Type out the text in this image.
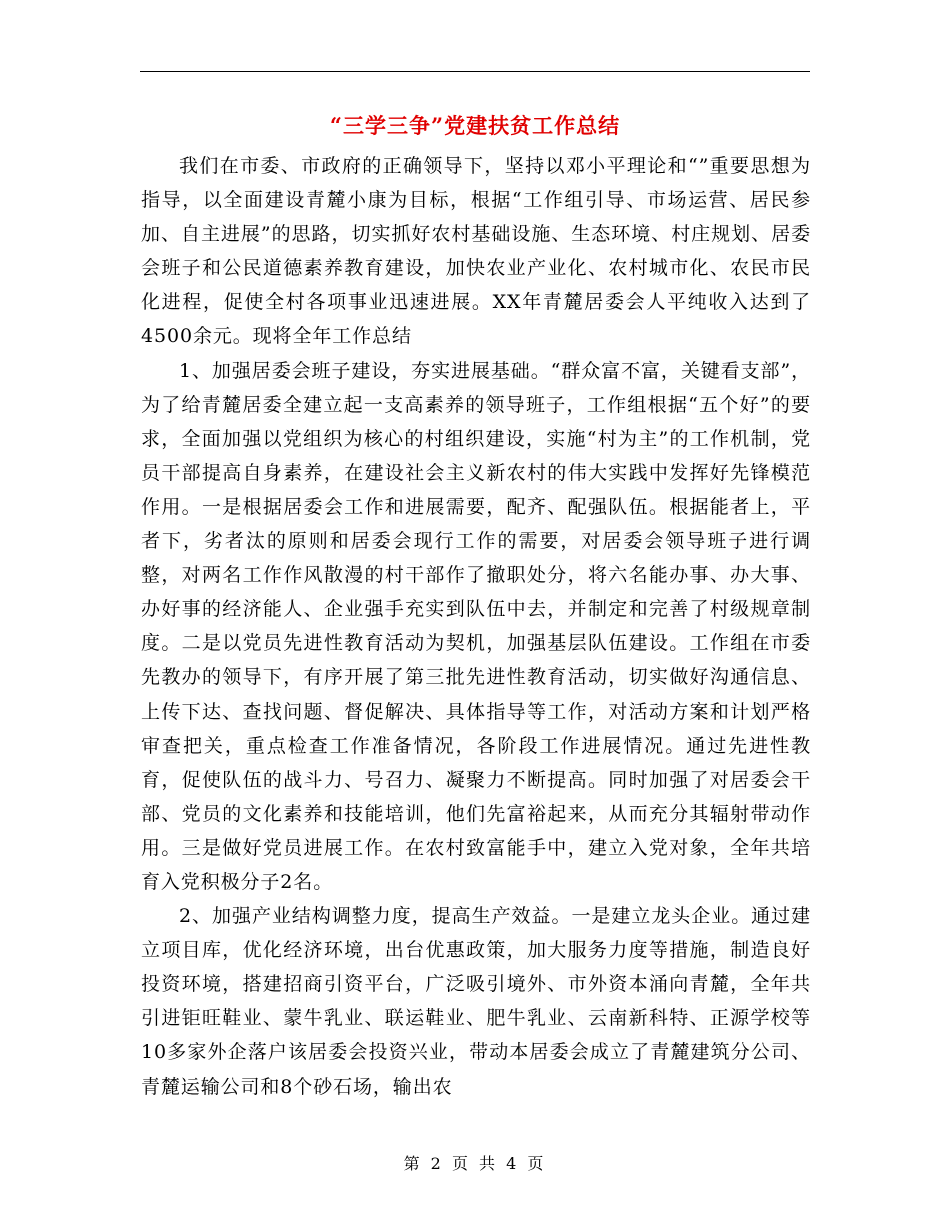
“三学三争”党建扶贫工作总结

我们在市委、市政府的正确领导下，坚持以邓小平理论和“”重要思想为指导，以全面建设青麓小康为目标，根据“工作组引导、市场运营、居民参加、自主进展”的思路，切实抓好农村基础设施、生态环境、村庄规划、居委会班子和公民道德素养教育建设，加快农业产业化、农村城市化、农民市民化进程，促使全村各项事业迅速进展。XX年青麓居委会人平纯收入达到了4500余元。现将全年工作总结

1、加强居委会班子建设，夯实进展基础。“群众富不富，关键看支部”，为了给青麓居委全建立起一支高素养的领导班子，工作组根据“五个好”的要求，全面加强以党组织为核心的村组织建设，实施“村为主”的工作机制，党员干部提高自身素养，在建设社会主义新农村的伟大实践中发挥好先锋模范作用。一是根据居委会工作和进展需要，配齐、配强队伍。根据能者上，平者下，劣者汰的原则和居委会现行工作的需要，对居委会领导班子进行调整，对两名工作作风散漫的村干部作了撤职处分，将六名能办事、办大事、办好事的经济能人、企业强手充实到队伍中去，并制定和完善了村级规章制度。二是以党员先进性教育活动为契机，加强基层队伍建设。工作组在市委先教办的领导下，有序开展了第三批先进性教育活动，切实做好沟通信息、上传下达、查找问题、督促解决、具体指导等工作，对活动方案和计划严格审查把关，重点检查工作准备情况，各阶段工作进展情况。通过先进性教育，促使队伍的战斗力、号召力、凝聚力不断提高。同时加强了对居委会干部、党员的文化素养和技能培训，他们先富裕起来，从而充分其辐射带动作用。三是做好党员进展工作。在农村致富能手中，建立入党对象，全年共培育入党积极分子2名。

2、加强产业结构调整力度，提高生产效益。一是建立龙头企业。通过建立项目库，优化经济环境，出台优惠政策，加大服务力度等措施，制造良好投资环境，搭建招商引资平台，广泛吸引境外、市外资本涌向青麓，全年共引进钜旺鞋业、蒙牛乳业、联运鞋业、肥牛乳业、云南新科特、正源学校等10多家外企落户该居委会投资兴业，带动本居委会成立了青麓建筑分公司、青麓运输公司和8个砂石场，输出农

第 2 页 共 4 页
